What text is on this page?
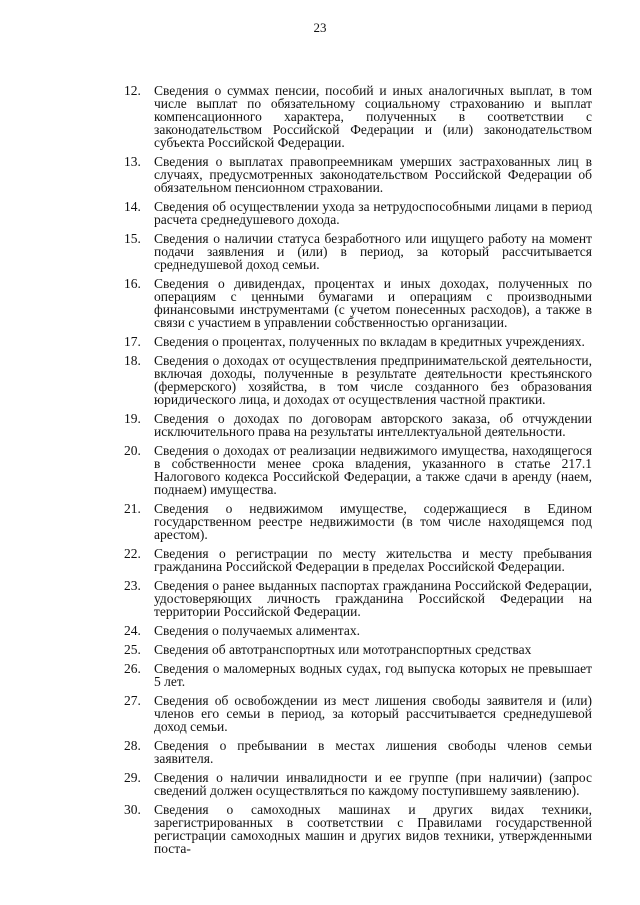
23
12. Сведения о суммах пенсии, пособий и иных аналогичных выплат, в том числе выплат по обязательному социальному страхованию и выплат компенсационного характера, полученных в соответствии с законодательством Российской Федерации и (или) законодательством субъекта Российской Федерации.
13. Сведения о выплатах правопреемникам умерших застрахованных лиц в случаях, предусмотренных законодательством Российской Федерации об обязательном пенсионном страховании.
14. Сведения об осуществлении ухода за нетрудоспособными лицами в период расчета среднедушевого дохода.
15. Сведения о наличии статуса безработного или ищущего работу на момент подачи заявления и (или) в период, за который рассчитывается среднедушевой доход семьи.
16. Сведения о дивидендах, процентах и иных доходах, полученных по операциям с ценными бумагами и операциям с производными финансовыми инструментами (с учетом понесенных расходов), а также в связи с участием в управлении собственностью организации.
17. Сведения о процентах, полученных по вкладам в кредитных учреждениях.
18. Сведения о доходах от осуществления предпринимательской деятельности, включая доходы, полученные в результате деятельности крестьянского (фермерского) хозяйства, в том числе созданного без образования юридического лица, и доходах от осуществления частной практики.
19. Сведения о доходах по договорам авторского заказа, об отчуждении исключительного права на результаты интеллектуальной деятельности.
20. Сведения о доходах от реализации недвижимого имущества, находящегося в собственности менее срока владения, указанного в статье 217.1 Налогового кодекса Российской Федерации, а также сдачи в аренду (наем, поднаем) имущества.
21. Сведения о недвижимом имуществе, содержащиеся в Едином государственном реестре недвижимости (в том числе находящемся под арестом).
22. Сведения о регистрации по месту жительства и месту пребывания гражданина Российской Федерации в пределах Российской Федерации.
23. Сведения о ранее выданных паспортах гражданина Российской Федерации, удостоверяющих личность гражданина Российской Федерации на территории Российской Федерации.
24. Сведения о получаемых алиментах.
25. Сведения об автотранспортных или мототранспортных средствах
26. Сведения о маломерных водных судах, год выпуска которых не превышает 5 лет.
27. Сведения об освобождении из мест лишения свободы заявителя и (или) членов его семьи в период, за который рассчитывается среднедушевой доход семьи.
28. Сведения о пребывании в местах лишения свободы членов семьи заявителя.
29. Сведения о наличии инвалидности и ее группе (при наличии) (запрос сведений должен осуществляться по каждому поступившему заявлению).
30. Сведения о самоходных машинах и других видах техники, зарегистрированных в соответствии с Правилами государственной регистрации самоходных машин и других видов техники, утвержденными поста-
